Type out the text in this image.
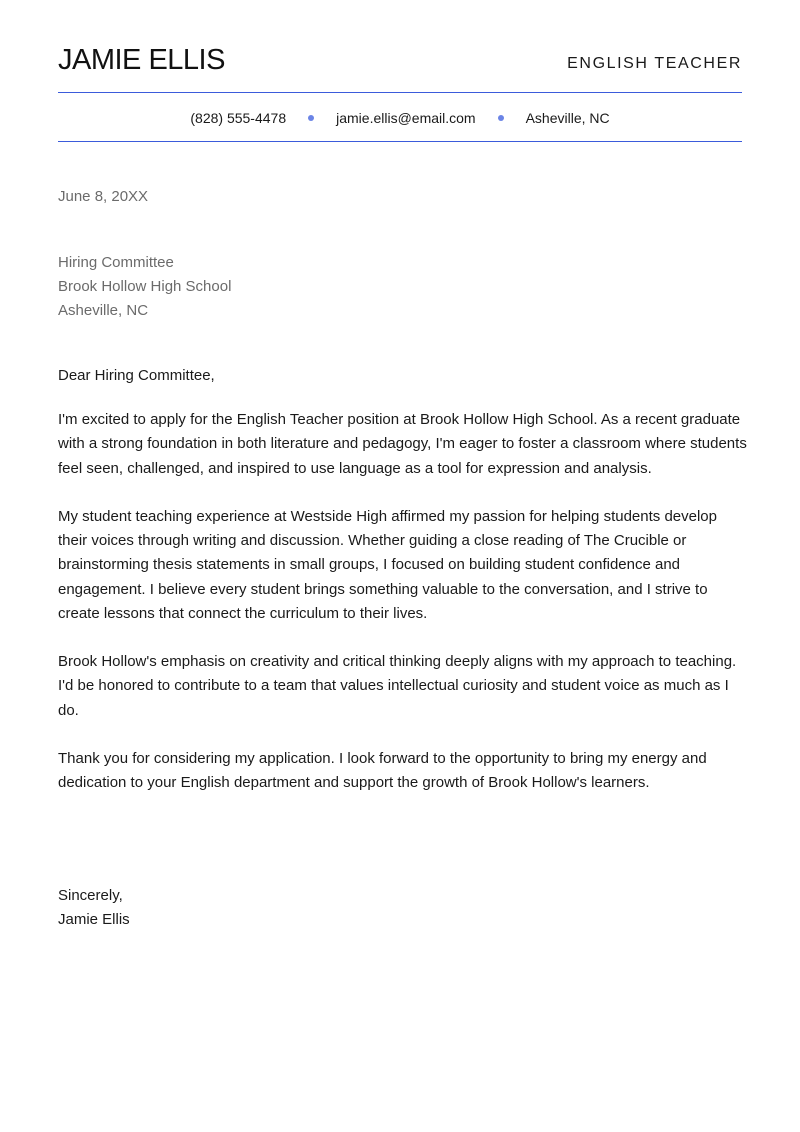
JAMIE ELLIS	ENGLISH TEACHER
(828) 555-4478	jamie.ellis@email.com	Asheville, NC
June 8, 20XX
Hiring Committee
Brook Hollow High School
Asheville, NC

Dear Hiring Committee,

I'm excited to apply for the English Teacher position at Brook Hollow High School. As a recent graduate with a strong foundation in both literature and pedagogy, I'm eager to foster a classroom where students feel seen, challenged, and inspired to use language as a tool for expression and analysis.

My student teaching experience at Westside High affirmed my passion for helping students develop their voices through writing and discussion. Whether guiding a close reading of The Crucible or brainstorming thesis statements in small groups, I focused on building student confidence and engagement. I believe every student brings something valuable to the conversation, and I strive to create lessons that connect the curriculum to their lives.

Brook Hollow's emphasis on creativity and critical thinking deeply aligns with my approach to teaching. I'd be honored to contribute to a team that values intellectual curiosity and student voice as much as I do.

Thank you for considering my application. I look forward to the opportunity to bring my energy and dedication to your English department and support the growth of Brook Hollow's learners.

Sincerely,
Jamie Ellis
